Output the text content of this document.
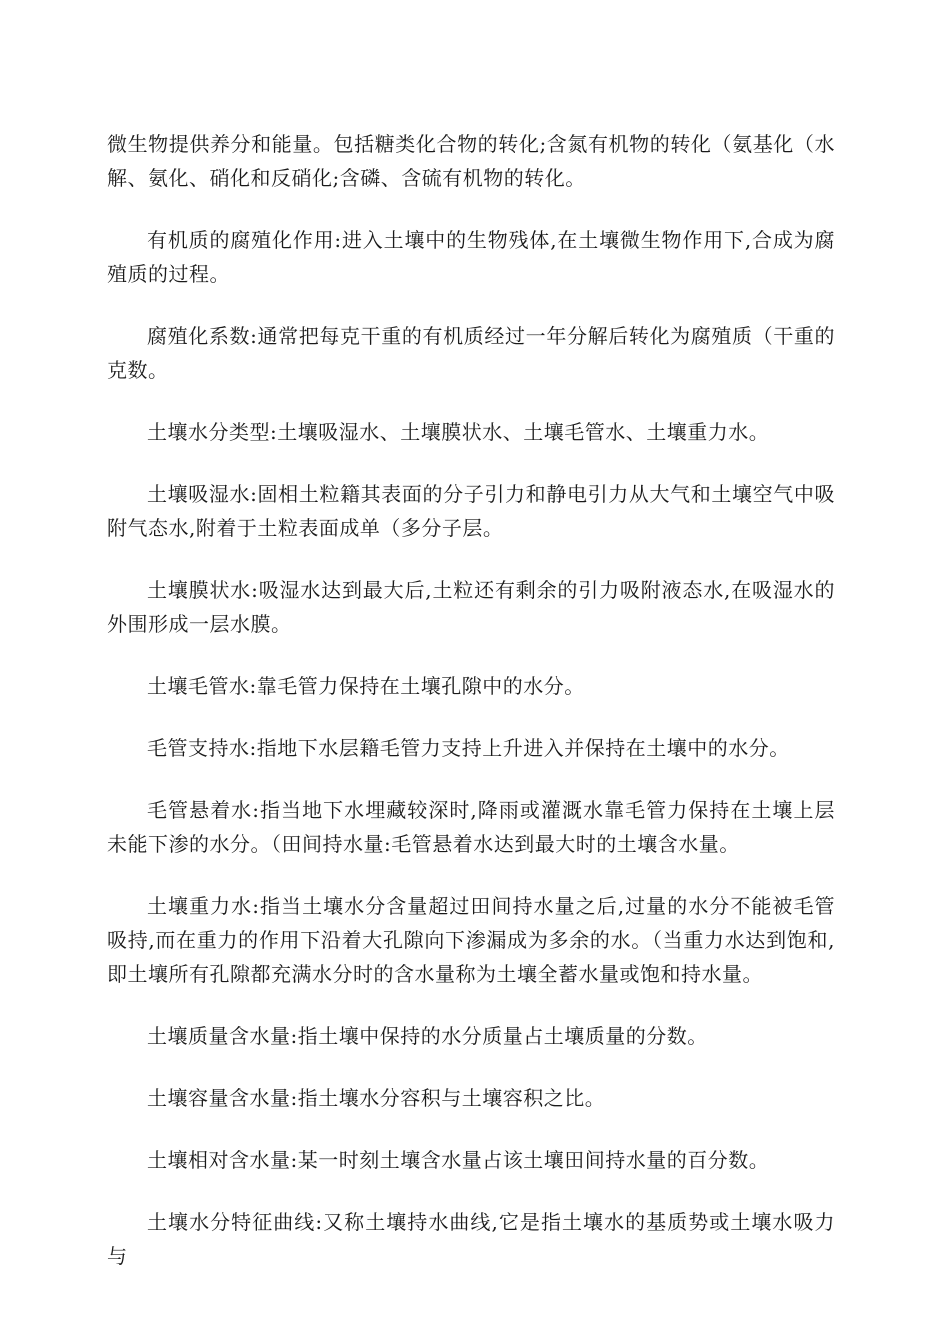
微生物提供养分和能量。包括糖类化合物的转化;含氮有机物的转化（氨基化（水解、氨化、硝化和反硝化;含磷、含硫有机物的转化。

有机质的腐殖化作用:进入土壤中的生物残体,在土壤微生物作用下,合成为腐殖质的过程。

腐殖化系数:通常把每克干重的有机质经过一年分解后转化为腐殖质（干重的克数。

土壤水分类型:土壤吸湿水、土壤膜状水、土壤毛管水、土壤重力水。

土壤吸湿水:固相土粒籍其表面的分子引力和静电引力从大气和土壤空气中吸附气态水,附着于土粒表面成单（多分子层。

土壤膜状水:吸湿水达到最大后,土粒还有剩余的引力吸附液态水,在吸湿水的外围形成一层水膜。

土壤毛管水:靠毛管力保持在土壤孔隙中的水分。

毛管支持水:指地下水层籍毛管力支持上升进入并保持在土壤中的水分。

毛管悬着水:指当地下水埋藏较深时,降雨或灌溉水靠毛管力保持在土壤上层未能下渗的水分。（田间持水量:毛管悬着水达到最大时的土壤含水量。

土壤重力水:指当土壤水分含量超过田间持水量之后,过量的水分不能被毛管吸持,而在重力的作用下沿着大孔隙向下渗漏成为多余的水。（当重力水达到饱和,即土壤所有孔隙都充满水分时的含水量称为土壤全蓄水量或饱和持水量。

土壤质量含水量:指土壤中保持的水分质量占土壤质量的分数。

土壤容量含水量:指土壤水分容积与土壤容积之比。

土壤相对含水量:某一时刻土壤含水量占该土壤田间持水量的百分数。

土壤水分特征曲线:又称土壤持水曲线,它是指土壤水的基质势或土壤水吸力与
